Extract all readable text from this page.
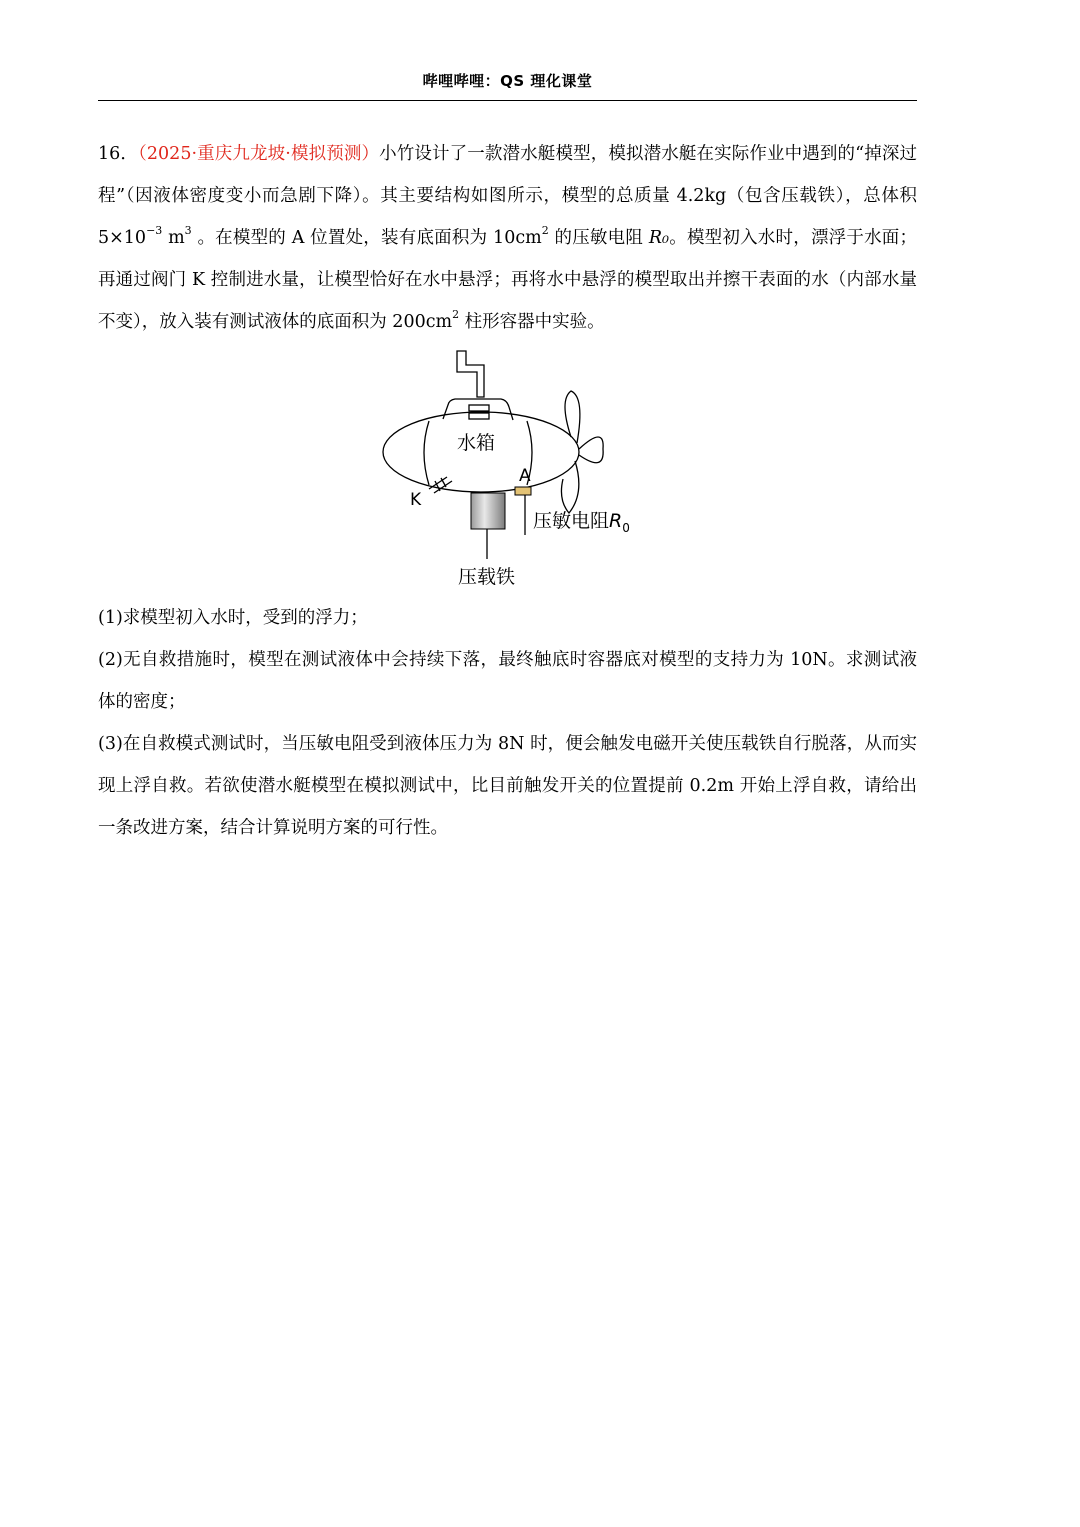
哔哩哔哩：QS 理化课堂

16．（2025·重庆九龙坡·模拟预测）小竹设计了一款潜水艇模型，模拟潜水艇在实际作业中遇到的“掉深过程”（因液体密度变小而急剧下降）。其主要结构如图所示，模型的总质量 4.2kg（包含压载铁），总体积 $5\times 10^{-3}$ $m^3$ 。在模型的 A 位置处，装有底面积为 $10cm^2$ 的压敏电阻 R₀。模型初入水时，漂浮于水面；再通过阀门 K 控制进水量，让模型恰好在水中悬浮；再将水中悬浮的模型取出并擦干表面的水（内部水量不变），放入装有测试液体的底面积为 $200cm^2$ 柱形容器中实验。

水箱
A
K
压敏电阻$R_0$
压载铁

(1)求模型初入水时，受到的浮力；

(2)无自救措施时，模型在测试液体中会持续下落，最终触底时容器底对模型的支持力为 10N。求测试液体的密度；

(3)在自救模式测试时，当压敏电阻受到液体压力为 8N 时，便会触发电磁开关使压载铁自行脱落，从而实现上浮自救。若欲使潜水艇模型在模拟测试中，比目前触发开关的位置提前 0.2m 开始上浮自救，请给出一条改进方案，结合计算说明方案的可行性。
